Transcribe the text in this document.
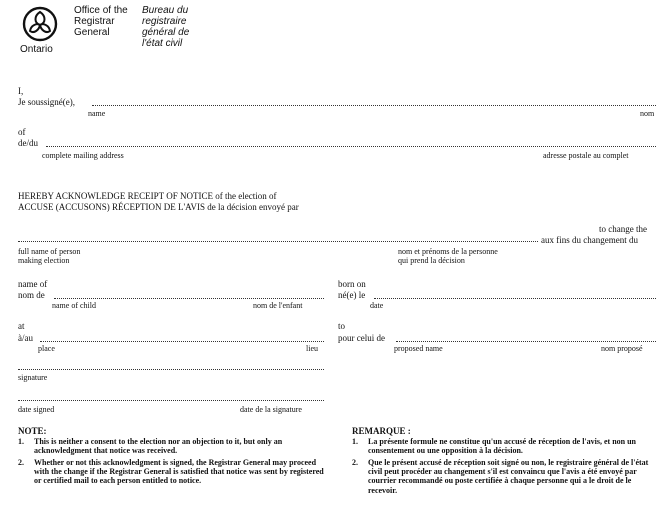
Ontario
Office of the
Registrar
General
Bureau du
registraire
général de
l'état civil
I,
Je soussigné(e),
name	nom
of
de/du
complete mailing address	adresse postale au complet
HEREBY ACKNOWLEDGE RECEIPT OF NOTICE of the election of
ACCUSE (ACCUSONS) RÉCEPTION DE L'AVIS de la décision envoyé par
to change the
aux fins du changement du
full name of person
making election
nom et prénoms de la personne
qui prend la décision
name of
nom de
name of child	nom de l'enfant
born on
né(e) le
date
at
à/au
place	lieu
to
pour celui de
proposed name	nom proposé
signature
date signed	date de la signature
NOTE:
1.	This is neither a consent to the election nor an objection to it, but only an acknowledgment that notice was received.
2.	Whether or not this acknowledgment is signed, the Registrar General may proceed with the change if the Registrar General is satisfied that notice was sent by registered or certified mail to each person entitled to notice.
REMARQUE :
1.	La présente formule ne constitue qu'un accusé de réception de l'avis, et non un consentement ou une opposition à la décision.
2.	Que le présent accusé de réception soit signé ou non, le registraire général de l'état civil peut procéder au changement s'il est convaincu que l'avis a été envoyé par courrier recommandé ou poste certifiée à chaque personne qui a le droit de le recevoir.
